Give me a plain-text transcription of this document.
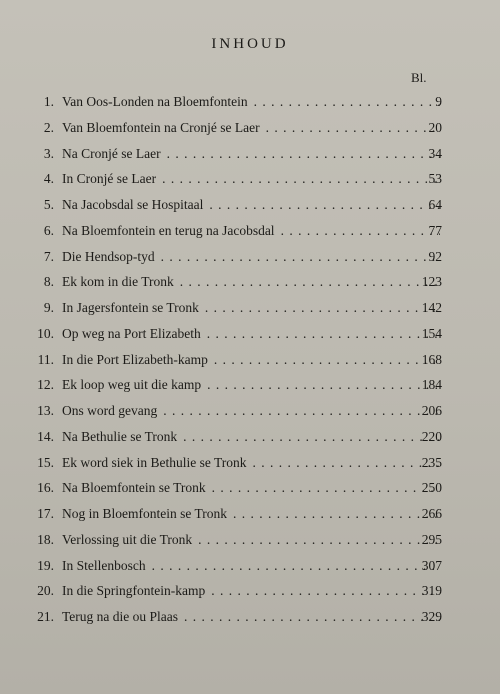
INHOUD
Bl.
1. Van Oos-Londen na Bloemfontein . . .	9
2. Van Bloemfontein na Cronjé se Laer . . .	20
3. Na Cronjé se Laer . . .	34
4. In Cronjé se Laer . . .	53
5. Na Jacobsdal se Hospitaal . . .	64
6. Na Bloemfontein en terug na Jacobsdal . . .	77
7. Die Hendsop-tyd . . .	92
8. Ek kom in die Tronk . . .	123
9. In Jagersfontein se Tronk . . .	142
10. Op weg na Port Elizabeth . . .	154
11. In die Port Elizabeth-kamp . . .	168
12. Ek loop weg uit die kamp . . .	184
13. Ons word gevang . . .	206
14. Na Bethulie se Tronk . . .	220
15. Ek word siek in Bethulie se Tronk . . .	235
16. Na Bloemfontein se Tronk . . .	250
17. Nog in Bloemfontein se Tronk . . .	266
18. Verlossing uit die Tronk . . .	295
19. In Stellenbosch . . .	307
20. In die Springfontein-kamp . . .	319
21. Terug na die ou Plaas . . .	329
